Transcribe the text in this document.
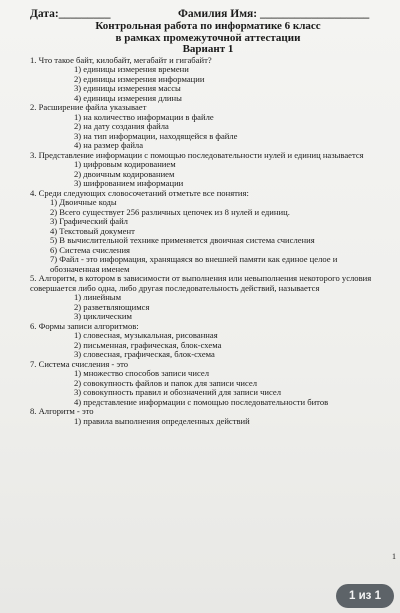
Дата:_________	Фамилия Имя: ___________________
Контрольная работа по информатике 6 класс
в рамках промежуточной аттестации
Вариант 1
1. Что такое байт, килобайт, мегабайт и гигабайт?
1) единицы измерения времени
2) единицы измерения информации
3) единицы измерения массы
4) единицы измерения длины
2. Расширение файла указывает
1) на количество информации в файле
2) на дату создания файла
3) на тип информации, находящейся в файле
4) на размер файла
3. Представление информации с помощью последовательности нулей и единиц называется
1) цифровым кодированием
2) двоичным кодированием
3) шифрованием информации
4. Среди следующих словосочетаний отметьте все понятия:
1) Двоичные коды
2) Всего существует 256 различных цепочек из 8 нулей и единиц.
3) Графический файл
4) Текстовый документ
5) В вычислительной технике применяется двоичная система счисления
6) Система счисления
7) Файл - это информация, хранящаяся во внешней памяти как единое целое и обозначенная именем
5. Алгоритм, в котором в зависимости от выполнения или невыполнения некоторого условия совершается либо одна, либо другая последовательность действий, называется
1) линейным
2) разветвляющимся
3) циклическим
6. Формы записи алгоритмов:
1) словесная, музыкальная, рисованная
2) письменная, графическая, блок-схема
3) словесная, графическая, блок-схема
7. Система счисления - это
1) множество способов записи чисел
2) совокупность файлов и папок для записи чисел
3) совокупность правил и обозначений для записи чисел
4) представление информации с помощью последовательности битов
8. Алгоритм - это
1) правила выполнения определенных действий
1
1 из 1
